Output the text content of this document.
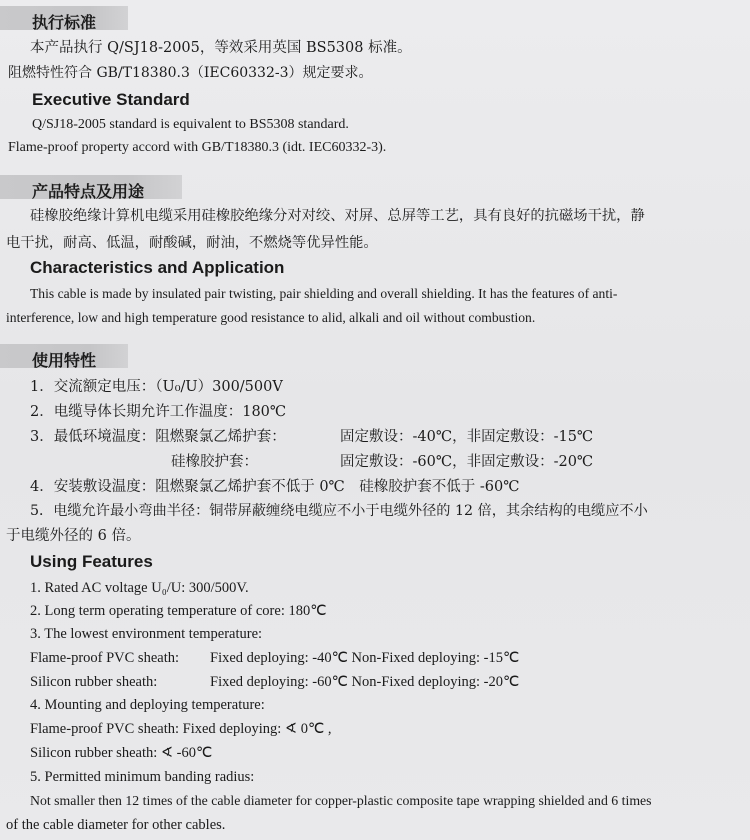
执行标准
本产品执行 Q/SJ18-2005，等效采用英国 BS5308 标准。
阻燃特性符合 GB/T18380.3（IEC60332-3）规定要求。
Executive Standard
Q/SJ18-2005 standard is equivalent to BS5308 standard.
Flame-proof property accord with GB/T18380.3 (idt. IEC60332-3).
产品特点及用途
硅橡胶绝缘计算机电缆采用硅橡胶绝缘分对对绞、对屏、总屏等工艺，具有良好的抗磁场干扰，静
电干扰，耐高、低温，耐酸碱，耐油，不燃烧等优异性能。
Characteristics and Application
This cable is made by insulated pair twisting, pair shielding and overall shielding. It has the features of anti-
interference, low and high temperature good resistance to alid, alkali and oil without combustion.
使用特性
1．交流额定电压：（U₀/U）300/500V
2．电缆导体长期允许工作温度：180℃
3．最低环境温度：阻燃聚氯乙烯护套：	固定敷设：-40℃，非固定敷设：-15℃
硅橡胶护套：	固定敷设：-60℃，非固定敷设：-20℃
4．安装敷设温度：阻燃聚氯乙烯护套不低于 0℃　硅橡胶护套不低于 -60℃
5．电缆允许最小弯曲半径：铜带屏蔽缠绕电缆应不小于电缆外径的 12 倍，其余结构的电缆应不小
于电缆外径的 6 倍。
Using Features
1. Rated AC voltage U₀/U: 300/500V.
2. Long term operating temperature of core: 180℃
3. The lowest environment temperature:
Flame-proof PVC sheath: Fixed deploying: -40℃ Non-Fixed deploying: -15℃
Silicon rubber sheath:	Fixed deploying: -60℃ Non-Fixed deploying: -20℃
4. Mounting and deploying temperature:
Flame-proof PVC sheath: Fixed deploying: ∢ 0℃ ,
Silicon rubber sheath: ∢ -60℃
5. Permitted minimum banding radius:
Not smaller then 12 times of the cable diameter for copper-plastic composite tape wrapping shielded and 6 times
of the cable diameter for other cables.
